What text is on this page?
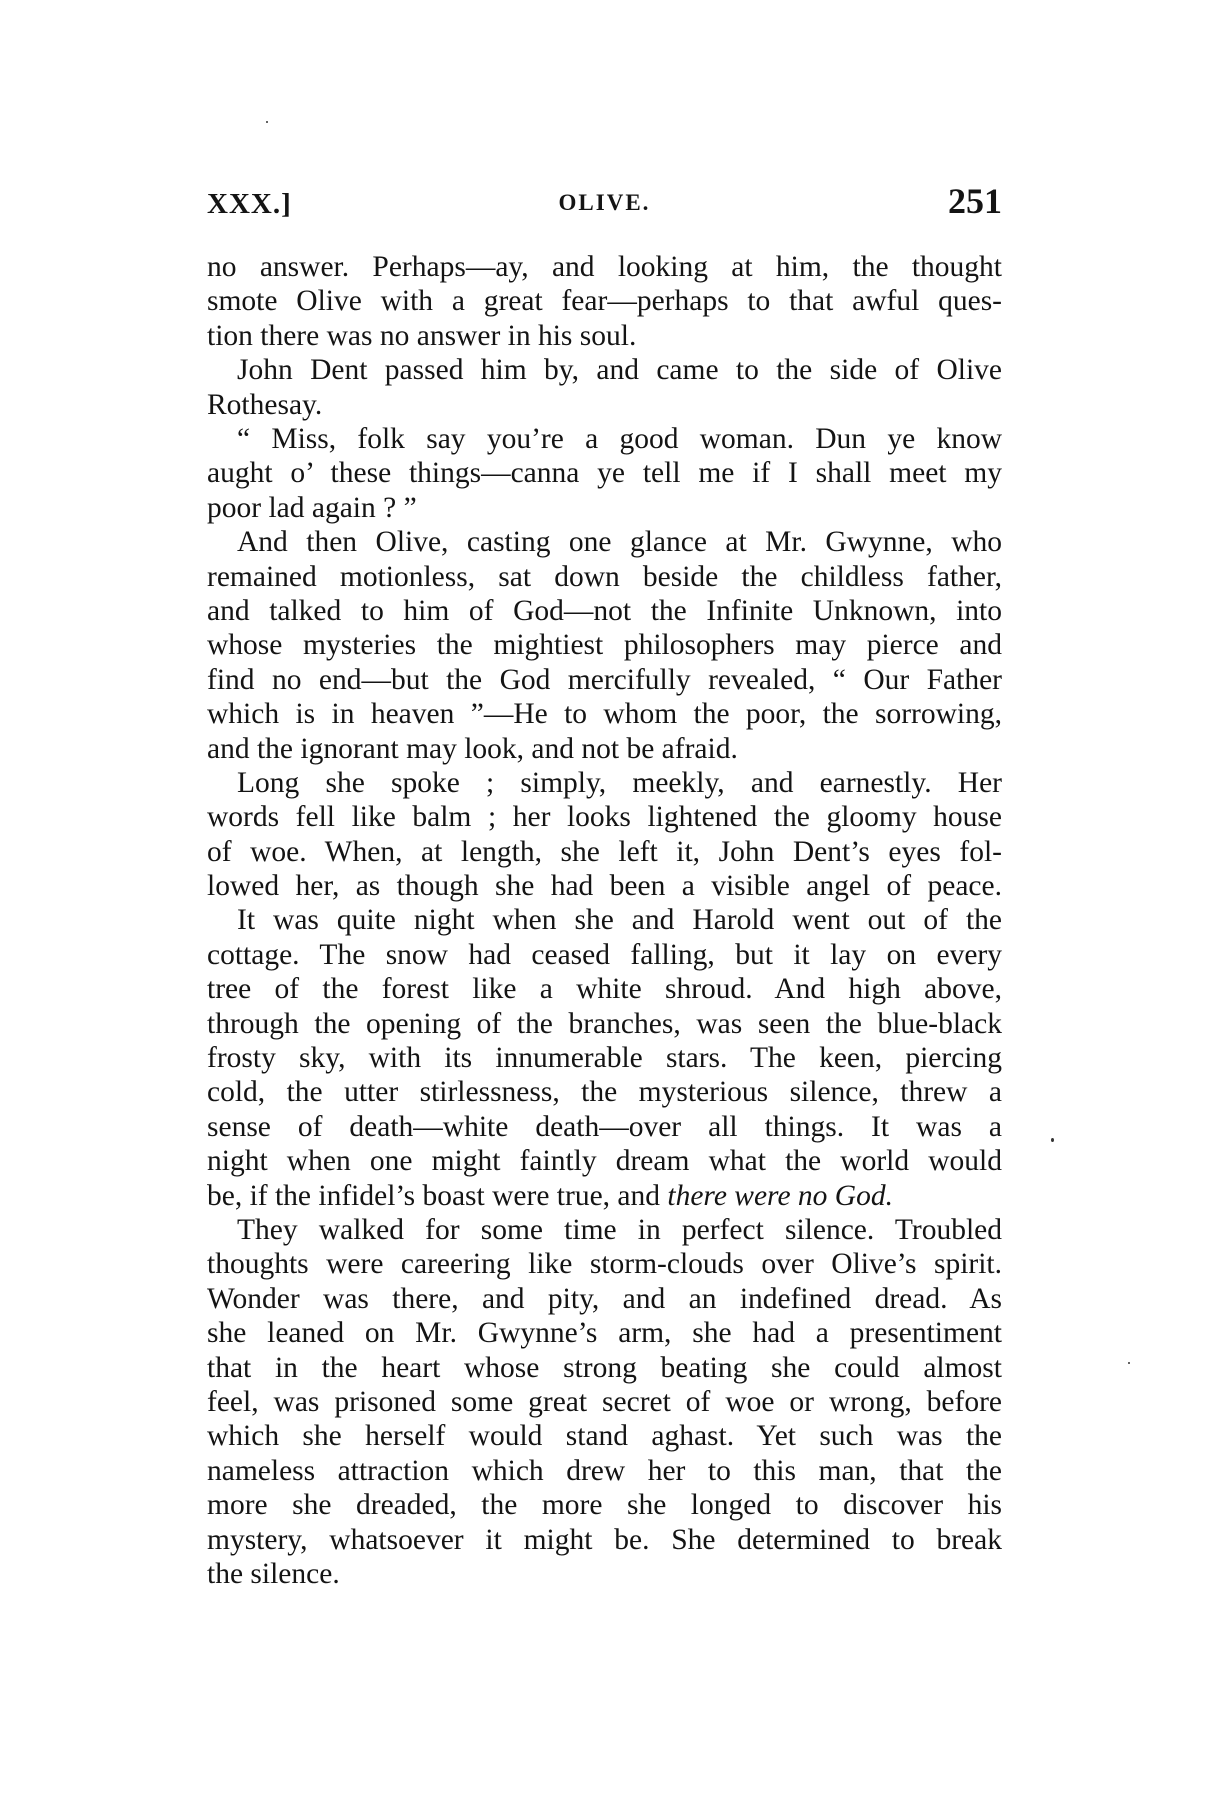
XXX.]	OLIVE.	251

no answer. Perhaps—ay, and looking at him, the thought
smote Olive with a great fear—perhaps to that awful ques-
tion there was no answer in his soul.

John Dent passed him by, and came to the side of Olive
Rothesay.

“ Miss, folk say you’re a good woman. Dun ye know
aught o’ these things—canna ye tell me if I shall meet my
poor lad again ? ”

And then Olive, casting one glance at Mr. Gwynne, who
remained motionless, sat down beside the childless father,
and talked to him of God—not the Infinite Unknown, into
whose mysteries the mightiest philosophers may pierce and
find no end—but the God mercifully revealed, “ Our Father
which is in heaven ”—He to whom the poor, the sorrowing,
and the ignorant may look, and not be afraid.

Long she spoke ; simply, meekly, and earnestly. Her
words fell like balm ; her looks lightened the gloomy house
of woe. When, at length, she left it, John Dent’s eyes fol-
lowed her, as though she had been a visible angel of peace.

It was quite night when she and Harold went out of the
cottage. The snow had ceased falling, but it lay on every
tree of the forest like a white shroud. And high above,
through the opening of the branches, was seen the blue-black
frosty sky, with its innumerable stars. The keen, piercing
cold, the utter stirlessness, the mysterious silence, threw a
sense of death—white death—over all things. It was a
night when one might faintly dream what the world would
be, if the infidel’s boast were true, and there were no God.

They walked for some time in perfect silence. Troubled
thoughts were careering like storm-clouds over Olive’s spirit.
Wonder was there, and pity, and an indefined dread. As
she leaned on Mr. Gwynne’s arm, she had a presentiment
that in the heart whose strong beating she could almost
feel, was prisoned some great secret of woe or wrong, before
which she herself would stand aghast. Yet such was the
nameless attraction which drew her to this man, that the
more she dreaded, the more she longed to discover his
mystery, whatsoever it might be. She determined to break
the silence.
